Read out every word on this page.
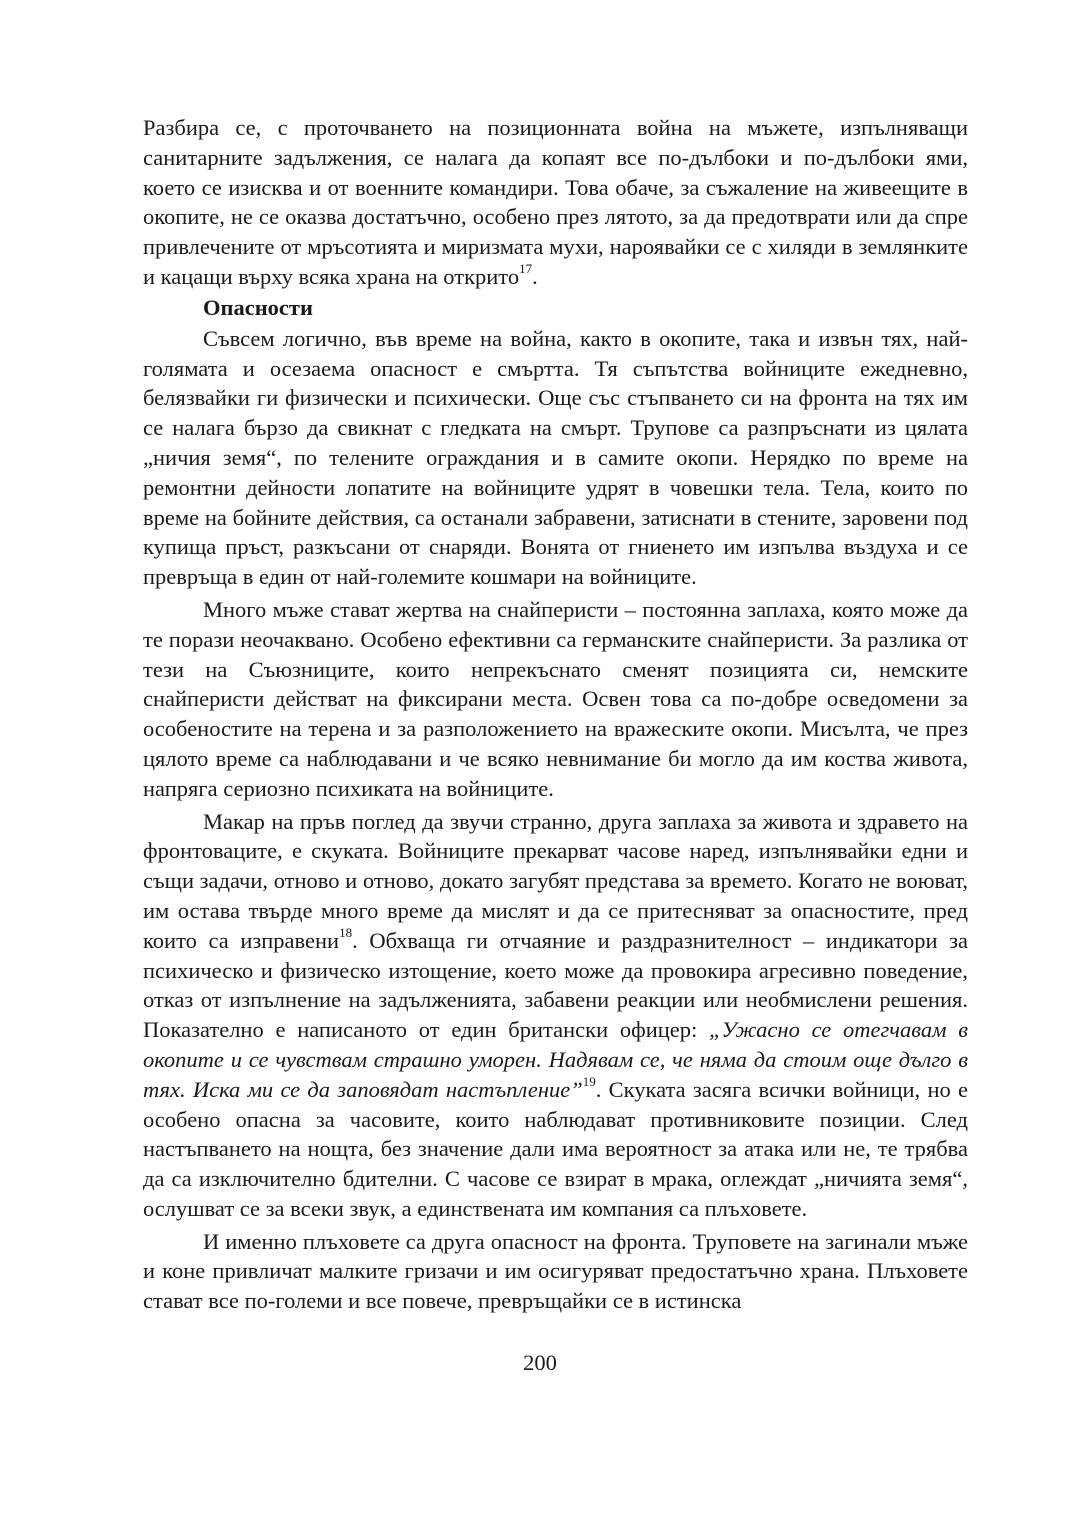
Разбира се, с проточването на позиционната война на мъжете, изпълняващи санитарните задължения, се налага да копаят все по-дълбоки и по-дълбоки ями, което се изисква и от военните командири. Това обаче, за съжаление на живеещите в окопите, не се оказва достатъчно, особено през лятото, за да предотврати или да спре привлечените от мръсотията и миризмата мухи, нароявайки се с хиляди в землянките и кацащи върху всяка храна на открито$^{17}$.

Опасности

Съвсем логично, във време на война, както в окопите, така и извън тях, най-голямата и осезаема опасност е смъртта. Тя съпътства войниците ежедневно, белязвайки ги физически и психически. Още със стъпването си на фронта на тях им се налага бързо да свикнат с гледката на смърт. Трупове са разпръснати из цялата „ничия земя“, по телените ограждания и в самите окопи. Нерядко по време на ремонтни дейности лопатите на войниците удрят в човешки тела. Тела, които по време на бойните действия, са останали забравени, затиснати в стените, заровени под купища пръст, разкъсани от снаряди. Вонята от гниенето им изпълва въздуха и се превръща в един от най-големите кошмари на войниците.

Много мъже стават жертва на снайперисти – постоянна заплаха, която може да те порази неочаквано. Особено ефективни са германските снайперисти. За разлика от тези на Съюзниците, които непрекъснато сменят позицията си, немските снайперисти действат на фиксирани места. Освен това са по-добре осведомени за особеностите на терена и за разположението на вражеските окопи. Мисълта, че през цялото време са наблюдавани и че всяко невнимание би могло да им коства живота, напряга сериозно психиката на войниците.

Макар на пръв поглед да звучи странно, друга заплаха за живота и здравето на фронтоваците, е скуката. Войниците прекарват часове наред, изпълнявайки едни и същи задачи, отново и отново, докато загубят представа за времето. Когато не воюват, им остава твърде много време да мислят и да се притесняват за опасностите, пред които са изправени$^{18}$. Обхваща ги отчаяние и раздразнителност – индикатори за психическо и физическо изтощение, което може да провокира агресивно поведение, отказ от изпълнение на задълженията, забавени реакции или необмислени решения. Показателно е написаното от един британски офицер: „Ужасно се отегчавам в окопите и се чувствам страшно уморен. Надявам се, че няма да стоим още дълго в тях. Иска ми се да заповядат настъпление”$^{19}$. Скуката засяга всички войници, но е особено опасна за часовите, които наблюдават противниковите позиции. След настъпването на нощта, без значение дали има вероятност за атака или не, те трябва да са изключително бдителни. С часове се взират в мрака, оглеждат „ничията земя“, ослушват се за всеки звук, а единствената им компания са плъховете.

И именно плъховете са друга опасност на фронта. Труповете на загинали мъже и коне привличат малките гризачи и им осигуряват предостатъчно храна. Плъховете стават все по-големи и все повече, превръщайки се в истинска

200
